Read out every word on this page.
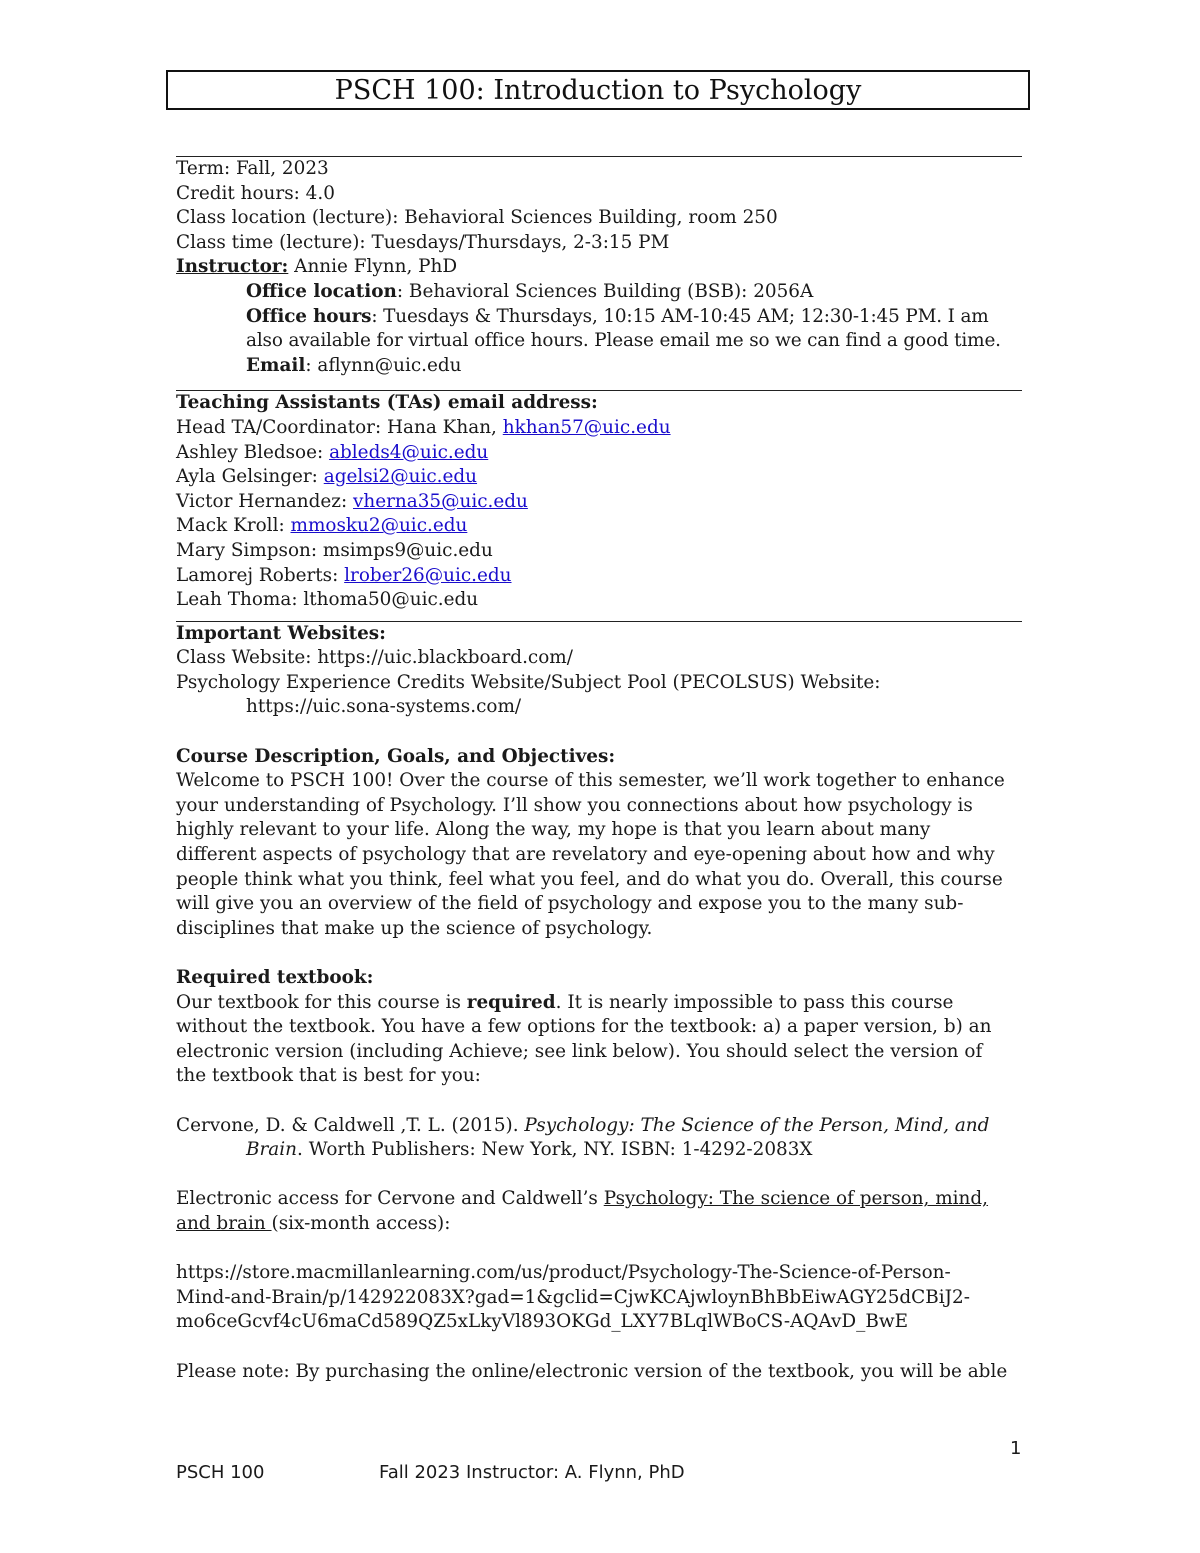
PSCH 100: Introduction to Psychology
Term: Fall, 2023
Credit hours: 4.0
Class location (lecture): Behavioral Sciences Building, room 250
Class time (lecture): Tuesdays/Thursdays, 2-3:15 PM
Instructor: Annie Flynn, PhD
Office location: Behavioral Sciences Building (BSB): 2056A
Office hours: Tuesdays & Thursdays, 10:15 AM-10:45 AM; 12:30-1:45 PM. I am
also available for virtual office hours. Please email me so we can find a good time.
Email: aflynn@uic.edu
Teaching Assistants (TAs) email address:
Head TA/Coordinator: Hana Khan, hkhan57@uic.edu
Ashley Bledsoe: ableds4@uic.edu
Ayla Gelsinger: agelsi2@uic.edu
Victor Hernandez: vherna35@uic.edu
Mack Kroll: mmosku2@uic.edu
Mary Simpson: msimps9@uic.edu
Lamorej Roberts: lrober26@uic.edu
Leah Thoma: lthoma50@uic.edu
Important Websites:
Class Website: https://uic.blackboard.com/
Psychology Experience Credits Website/Subject Pool (PECOLSUS) Website:
https://uic.sona-systems.com/
Course Description, Goals, and Objectives:
Welcome to PSCH 100! Over the course of this semester, we’ll work together to enhance
your understanding of Psychology. I’ll show you connections about how psychology is
highly relevant to your life. Along the way, my hope is that you learn about many
different aspects of psychology that are revelatory and eye-opening about how and why
people think what you think, feel what you feel, and do what you do. Overall, this course
will give you an overview of the field of psychology and expose you to the many sub-
disciplines that make up the science of psychology.
Required textbook:
Our textbook for this course is required. It is nearly impossible to pass this course
without the textbook. You have a few options for the textbook: a) a paper version, b) an
electronic version (including Achieve; see link below). You should select the version of
the textbook that is best for you:
Cervone, D. & Caldwell ,T. L. (2015). Psychology: The Science of the Person, Mind, and
Brain. Worth Publishers: New York, NY. ISBN: 1-4292-2083X
Electronic access for Cervone and Caldwell’s Psychology: The science of person, mind,
and brain (six-month access):
https://store.macmillanlearning.com/us/product/Psychology-The-Science-of-Person-
Mind-and-Brain/p/142922083X?gad=1&gclid=CjwKCAjwloynBhBbEiwAGY25dCBiJ2-
mo6ceGcvf4cU6maCd589QZ5xLkyVl893OKGd_LXY7BLqlWBoCS-AQAvD_BwE
Please note: By purchasing the online/electronic version of the textbook, you will be able
1
PSCH 100	Fall 2023 Instructor: A. Flynn, PhD
